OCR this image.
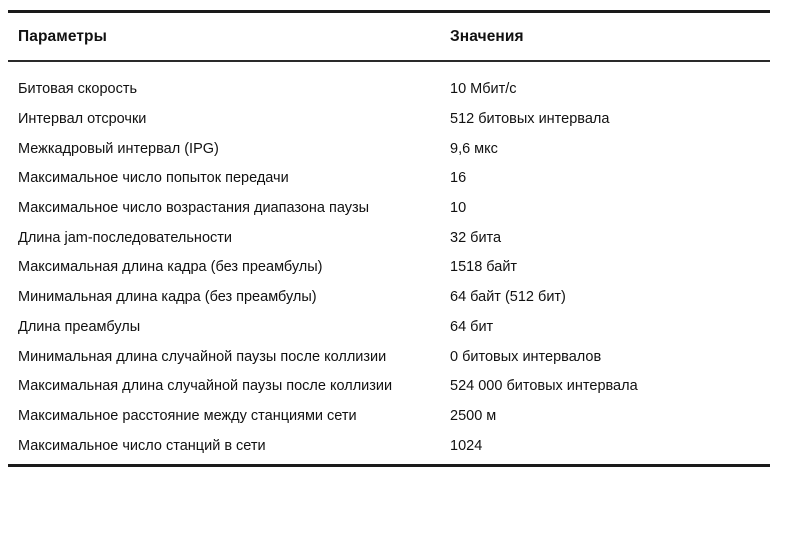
Параметры	Значения
Битовая скорость	10 Мбит/с
Интервал отсрочки	512 битовых интервала
Межкадровый интервал (IPG)	9,6 мкс
Максимальное число попыток передачи	16
Максимальное число возрастания диапазона паузы	10
Длина jam-последовательности	32 бита
Максимальная длина кадра (без преамбулы)	1518 байт
Минимальная длина кадра (без преамбулы)	64 байт (512 бит)
Длина преамбулы	64 бит
Минимальная длина случайной паузы после коллизии	0 битовых интервалов
Максимальная длина случайной паузы после коллизии	524 000 битовых интервала
Максимальное расстояние между станциями сети	2500 м
Максимальное число станций в сети	1024
